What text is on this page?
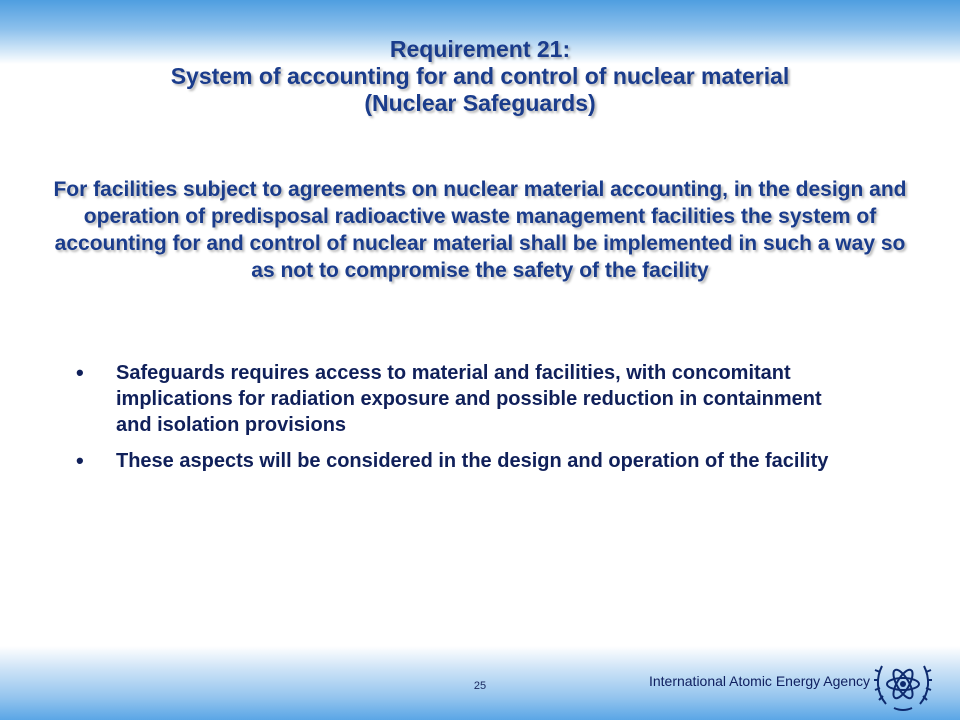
Requirement 21:
System of accounting for and control of nuclear material
(Nuclear Safeguards)
For facilities subject to agreements on nuclear material accounting, in the design and operation of predisposal radioactive waste management facilities the system of accounting for and control of nuclear material shall be implemented in such a way so as not to compromise the safety of the facility
• Safeguards requires access to material and facilities, with concomitant implications for radiation exposure and possible reduction in containment and isolation provisions
• These aspects will be considered in the design and operation of the facility
25	International Atomic Energy Agency
